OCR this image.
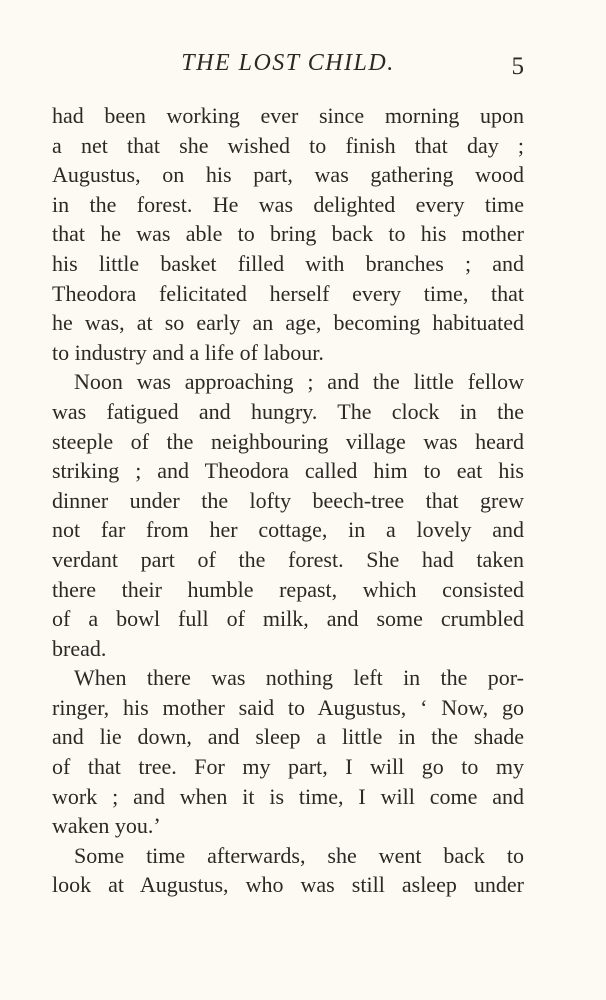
THE LOST CHILD.	5
had been working ever since morning upon
a net that she wished to finish that day ;
Augustus, on his part, was gathering wood
in the forest. He was delighted every time
that he was able to bring back to his mother
his little basket filled with branches ; and
Theodora felicitated herself every time, that
he was, at so early an age, becoming habituated
to industry and a life of labour.
Noon was approaching ; and the little fellow
was fatigued and hungry. The clock in the
steeple of the neighbouring village was heard
striking ; and Theodora called him to eat his
dinner under the lofty beech-tree that grew
not far from her cottage, in a lovely and
verdant part of the forest. She had taken
there their humble repast, which consisted
of a bowl full of milk, and some crumbled
bread.
When there was nothing left in the por-
ringer, his mother said to Augustus, ‘ Now, go
and lie down, and sleep a little in the shade
of that tree. For my part, I will go to my
work ; and when it is time, I will come and
waken you.’
Some time afterwards, she went back to
look at Augustus, who was still asleep under
